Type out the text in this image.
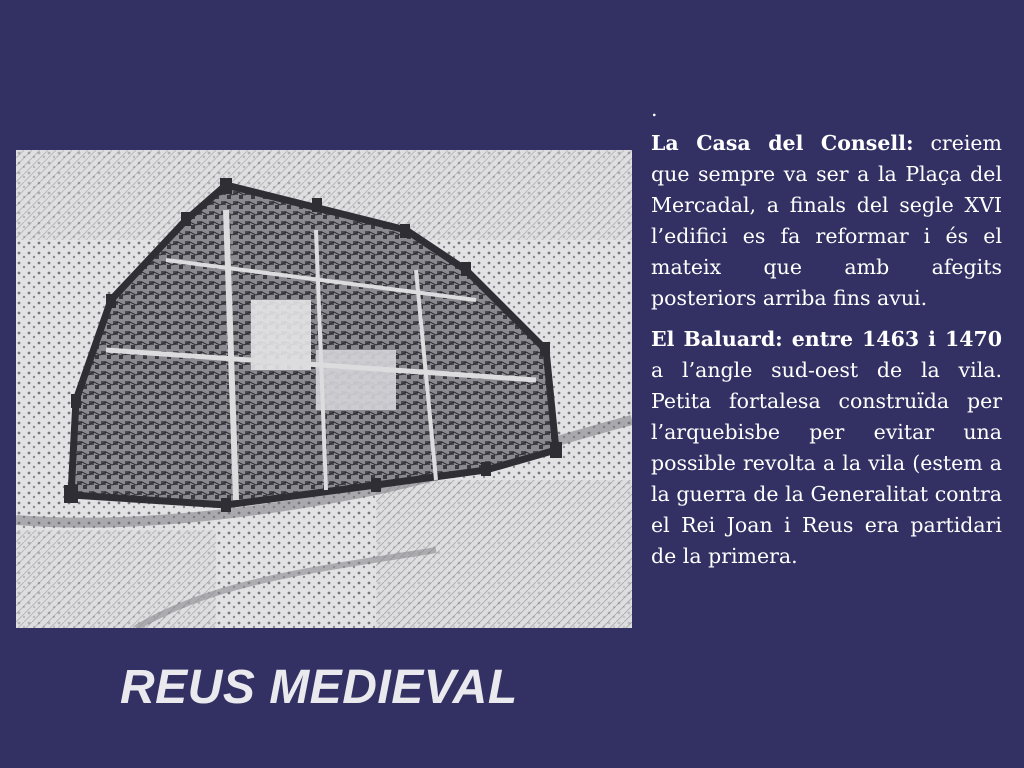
.

La Casa del Consell: creiem que sempre va ser a la Plaça del Mercadal, a finals del segle XVI l’edifici es fa reformar i és el mateix que amb afegits posteriors arriba fins avui.

El Baluard: entre 1463 i 1470 a l’angle sud-oest de la vila. Petita fortalesa construïda per l’arquebisbe per evitar una possible revolta a la vila (estem a la guerra de la Generalitat contra el Rei Joan i Reus era partidari de la primera.

REUS MEDIEVAL
